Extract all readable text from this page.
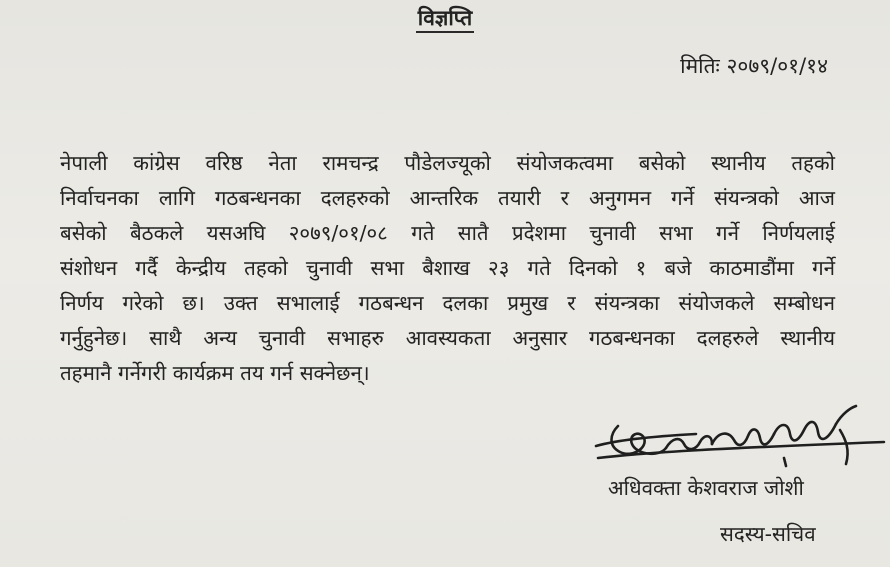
विज्ञप्ति
मितिः २०७९/०१/१४
नेपाली कांग्रेस वरिष्ठ नेता रामचन्द्र पौडेलज्यूको संयोजकत्वमा बसेको स्थानीय तहको
निर्वाचनका लागि गठबन्धनका दलहरुको आन्तरिक तयारी र अनुगमन गर्ने संयन्त्रको आज
बसेको बैठकले यसअघि २०७९/०१/०८ गते सातै प्रदेशमा चुनावी सभा गर्ने निर्णयलाई
संशोधन गर्दै केन्द्रीय तहको चुनावी सभा बैशाख २३ गते दिनको १ बजे काठमाडौंमा गर्ने
निर्णय गरेको छ। उक्त सभालाई गठबन्धन दलका प्रमुख र संयन्त्रका संयोजकले सम्बोधन
गर्नुहुनेछ। साथै अन्य चुनावी सभाहरु आवस्यकता अनुसार गठबन्धनका दलहरुले स्थानीय
तहमानै गर्नेगरी कार्यक्रम तय गर्न सक्नेछन्।
अधिवक्ता केशवराज जोशी
सदस्य-सचिव
